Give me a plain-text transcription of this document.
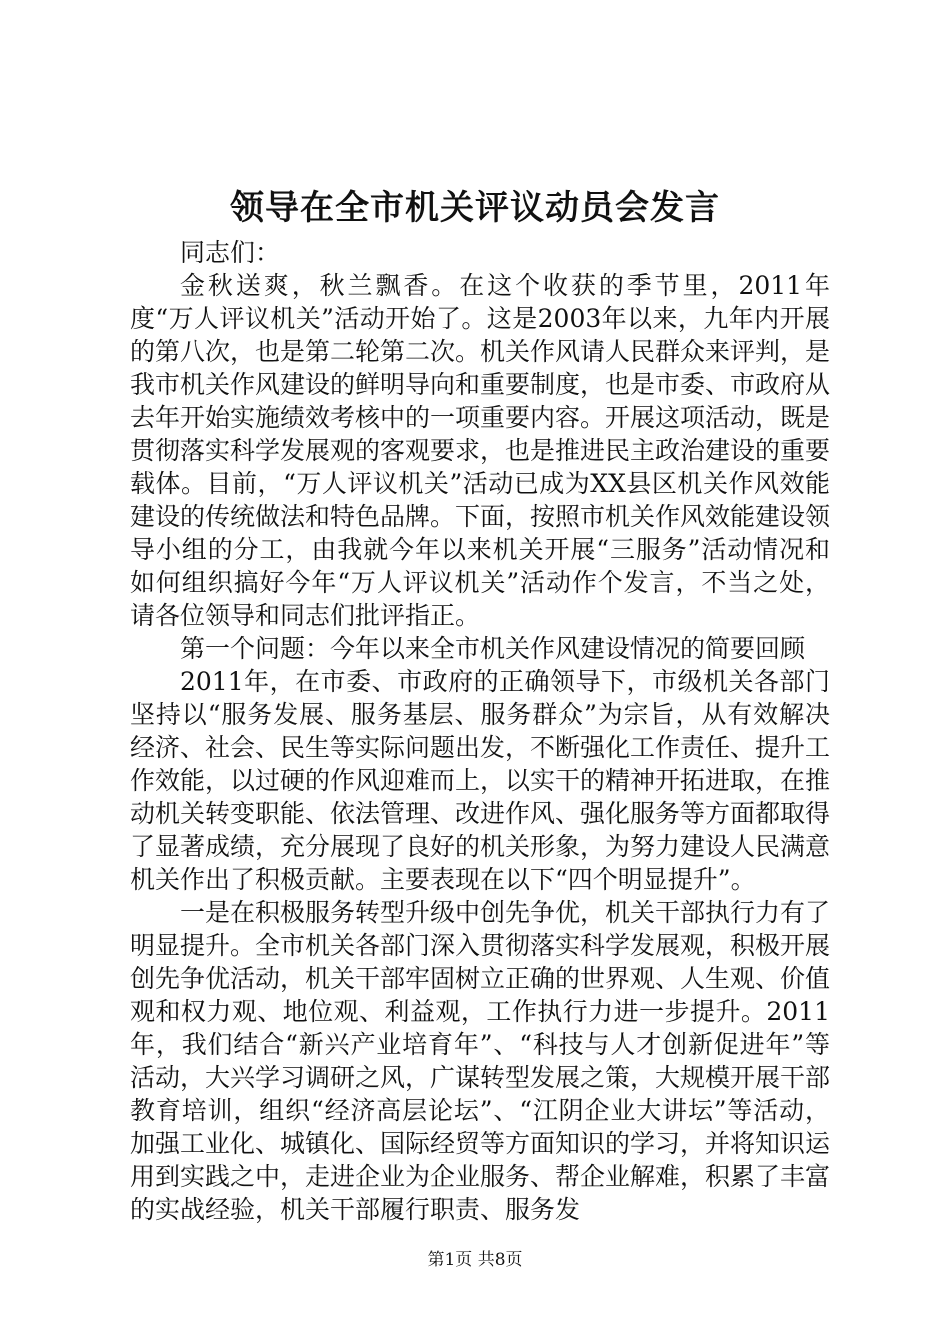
领导在全市机关评议动员会发言

同志们：

金秋送爽，秋兰飘香。在这个收获的季节里，2011年度“万人评议机关”活动开始了。这是2003年以来，九年内开展的第八次，也是第二轮第二次。机关作风请人民群众来评判，是我市机关作风建设的鲜明导向和重要制度，也是市委、市政府从去年开始实施绩效考核中的一项重要内容。开展这项活动，既是贯彻落实科学发展观的客观要求，也是推进民主政治建设的重要载体。目前，“万人评议机关”活动已成为XX县区机关作风效能建设的传统做法和特色品牌。下面，按照市机关作风效能建设领导小组的分工，由我就今年以来机关开展“三服务”活动情况和如何组织搞好今年“万人评议机关”活动作个发言，不当之处，请各位领导和同志们批评指正。

第一个问题：今年以来全市机关作风建设情况的简要回顾

2011年，在市委、市政府的正确领导下，市级机关各部门坚持以“服务发展、服务基层、服务群众”为宗旨，从有效解决经济、社会、民生等实际问题出发，不断强化工作责任、提升工作效能，以过硬的作风迎难而上，以实干的精神开拓进取，在推动机关转变职能、依法管理、改进作风、强化服务等方面都取得了显著成绩，充分展现了良好的机关形象，为努力建设人民满意机关作出了积极贡献。主要表现在以下“四个明显提升”。

一是在积极服务转型升级中创先争优，机关干部执行力有了明显提升。全市机关各部门深入贯彻落实科学发展观，积极开展创先争优活动，机关干部牢固树立正确的世界观、人生观、价值观和权力观、地位观、利益观，工作执行力进一步提升。2011年，我们结合“新兴产业培育年”、“科技与人才创新促进年”等活动，大兴学习调研之风，广谋转型发展之策，大规模开展干部教育培训，组织“经济高层论坛”、“江阴企业大讲坛”等活动，加强工业化、城镇化、国际经贸等方面知识的学习，并将知识运用到实践之中，走进企业为企业服务、帮企业解难，积累了丰富的实战经验，机关干部履行职责、服务发

第1页 共8页
